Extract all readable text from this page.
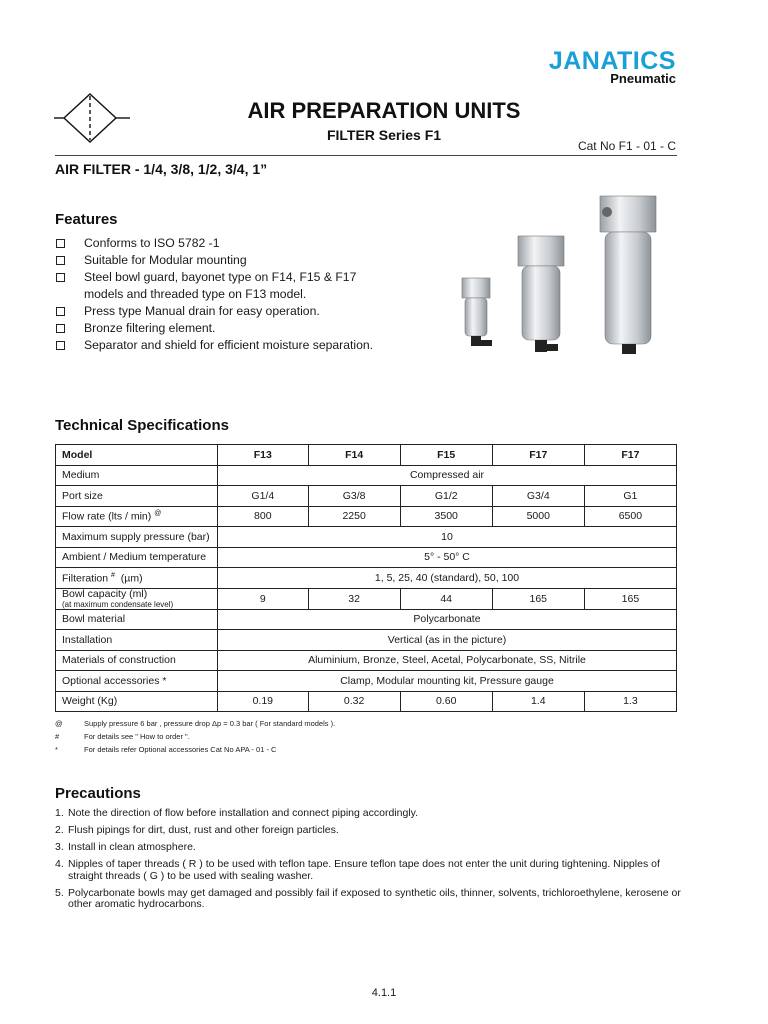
JANATICS
Pneumatic
AIR PREPARATION UNITS
FILTER Series F1
Cat No F1 - 01 - C
AIR FILTER - 1/4, 3/8, 1/2, 3/4, 1”
Features
Conforms to ISO 5782 -1
Suitable for Modular mounting
Steel bowl guard, bayonet type on F14, F15 & F17 models and threaded type on F13 model.
Press type Manual drain for easy operation.
Bronze filtering element.
Separator and shield for efficient moisture separation.
Technical Specifications
Model	F13	F14	F15	F17	F17
Medium	Compressed air				
Port size	G1/4	G3/8	G1/2	G3/4	G1
Flow rate (lts / min) @	800	2250	3500	5000	6500
Maximum supply pressure (bar)	10				
Ambient / Medium temperature	5° - 50° C				
Filteration # (µm)	1, 5, 25, 40 (standard), 50, 100				

Bowl capacity (ml)
(at maximum condensate level)	9	32	44	165	165
Bowl material	Polycarbonate				
Installation	Vertical (as in the picture)				
Materials of construction	Aluminium, Bronze, Steel, Acetal, Polycarbonate, SS, Nitrile				
Optional accessories *	Clamp, Modular mounting kit, Pressure gauge				
Weight (Kg)	0.19	0.32	0.60	1.4	1.3
@	Supply pressure 6 bar , pressure drop Δp = 0.3 bar ( For standard models ).
#	For details see " How to order ".
*	For details refer Optional accessories Cat No APA - 01 - C
Precautions
1. Note the direction of flow before installation and connect piping accordingly.
2. Flush pipings for dirt, dust, rust and other foreign particles.
3. Install in clean atmosphere.
4. Nipples of taper threads ( R ) to be used with teflon tape. Ensure teflon tape does not enter the unit during tightening. Nipples of straight threads ( G ) to be used with sealing washer.
5. Polycarbonate bowls may get damaged and possibly fail if exposed to synthetic oils, thinner, solvents, trichloroethylene, kerosene or other aromatic hydrocarbons.
4.1.1
